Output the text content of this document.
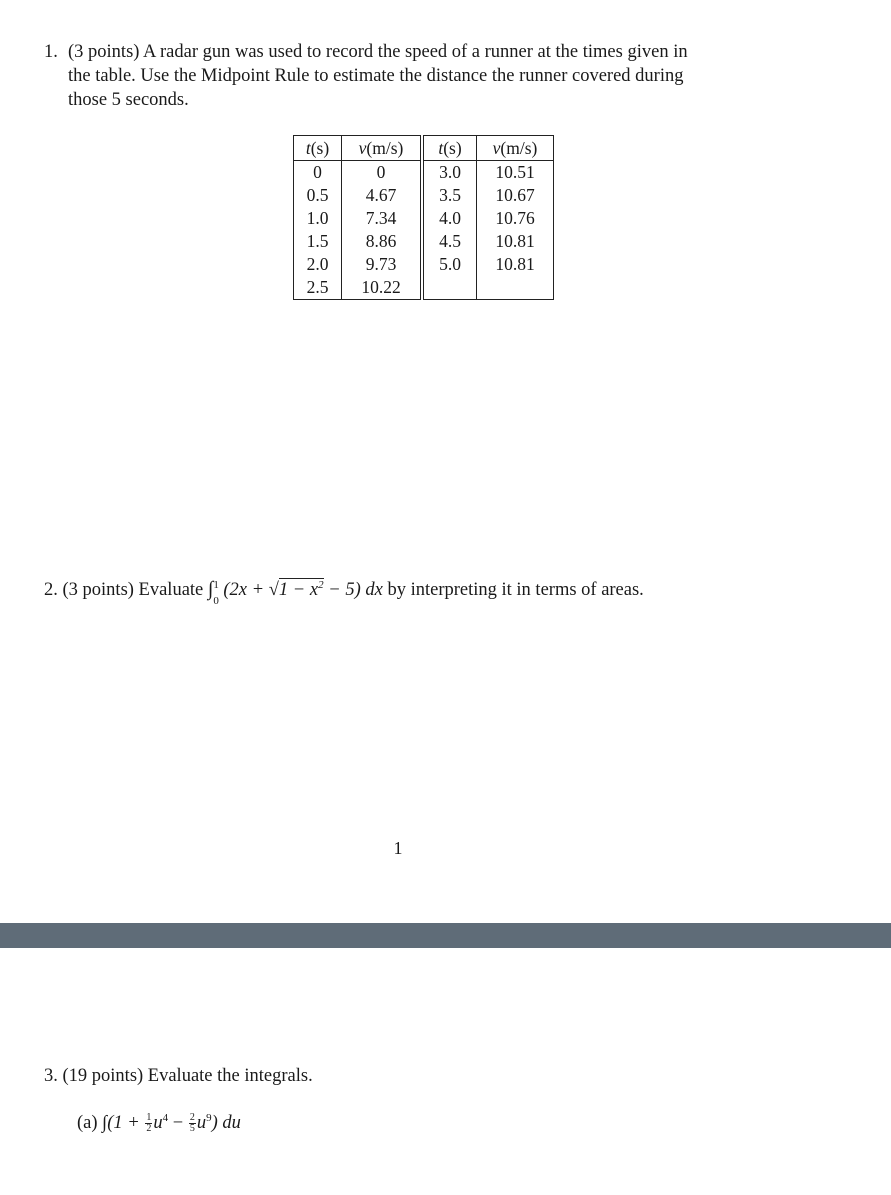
1. (3 points) A radar gun was used to record the speed of a runner at the times given in
the table. Use the Midpoint Rule to estimate the distance the runner covered during
those 5 seconds.
t(s)	v(m/s)	t(s)	v(m/s)
0	0	3.0	10.51
0.5	4.67	3.5	10.67
1.0	7.34	4.0	10.76
1.5	8.86	4.5	10.81
2.0	9.73	5.0	10.81
2.5	10.22		
2. (3 points) Evaluate ∫ 1
0
$(2x + √1 - x^2 - 5)$ dx by interpreting it in terms of areas.
1
3. (19 points) Evaluate the integrals.
(a) $\int(1 + \frac{1}{2} u^4 - \frac{2}{5} u^9)$ du
